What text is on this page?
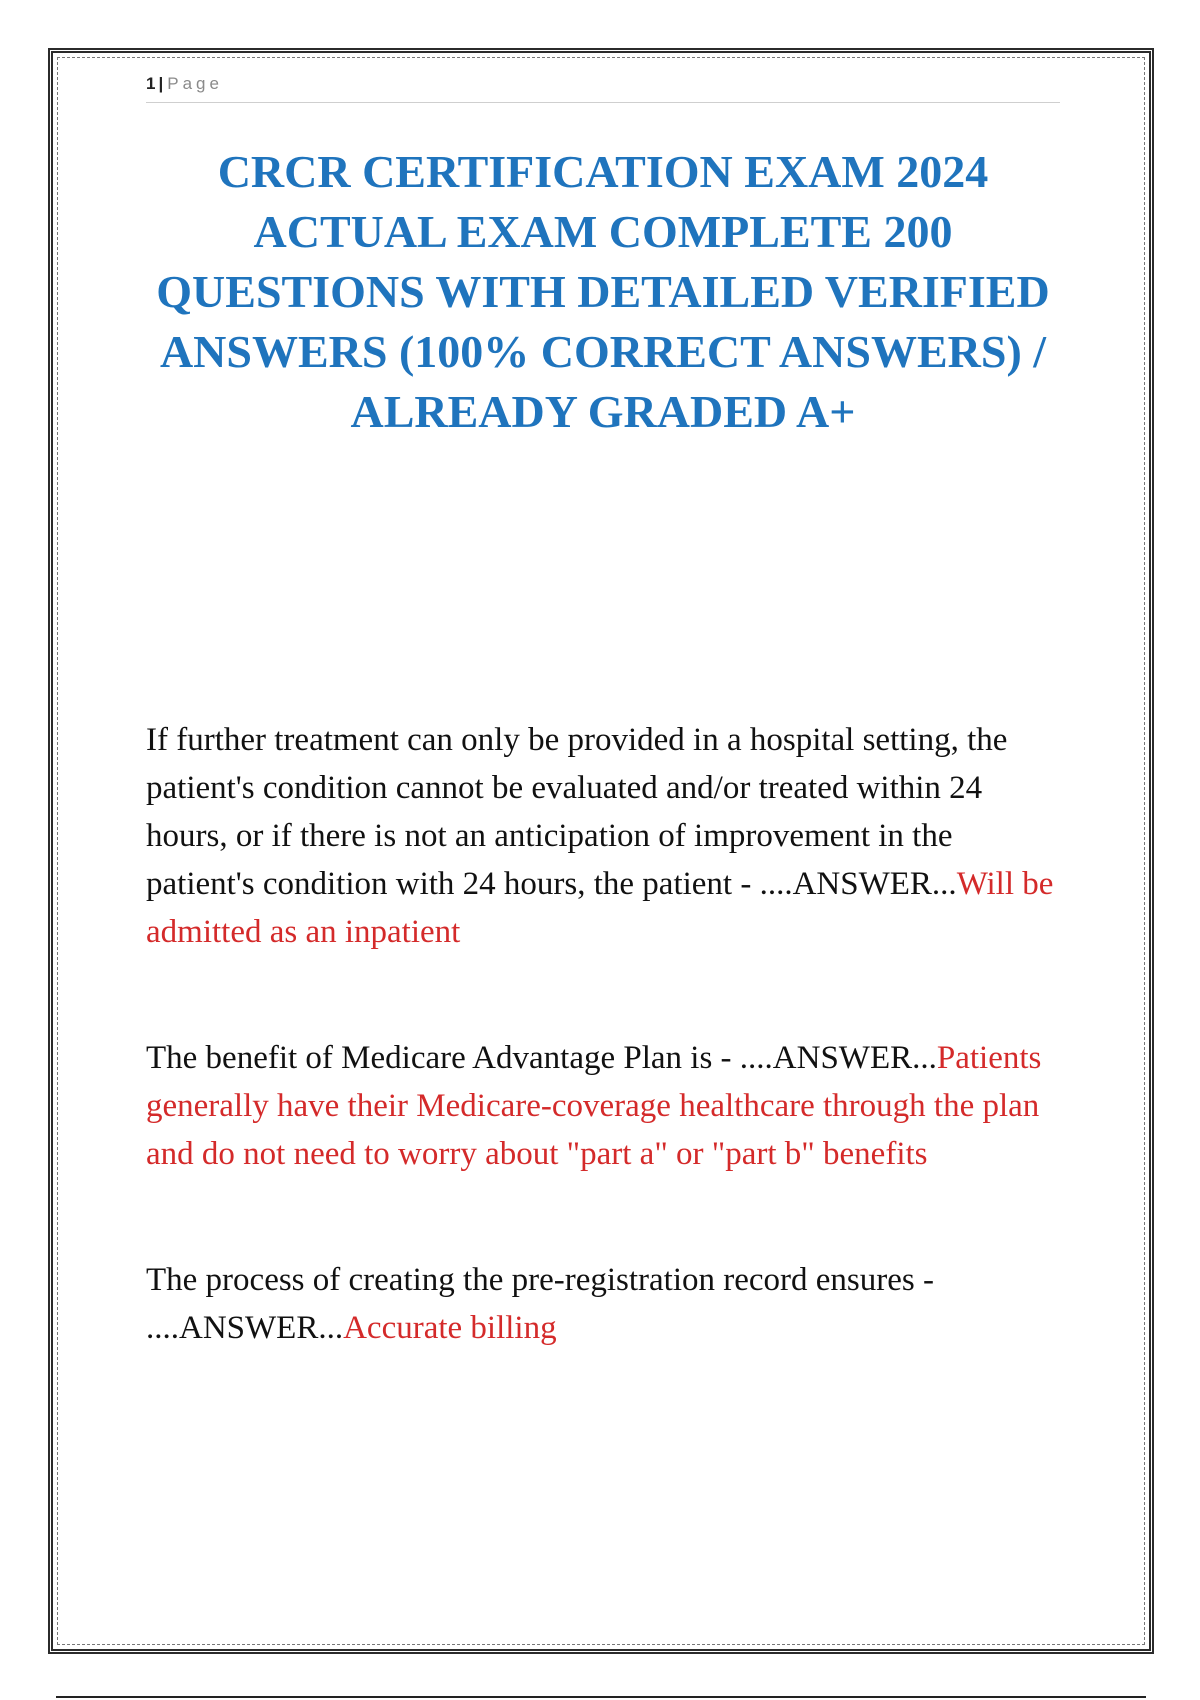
1 | Page
CRCR CERTIFICATION EXAM 2024 ACTUAL EXAM COMPLETE 200 QUESTIONS WITH DETAILED VERIFIED ANSWERS (100% CORRECT ANSWERS) / ALREADY GRADED A+

If further treatment can only be provided in a hospital setting, the patient's condition cannot be evaluated and/or treated within 24 hours, or if there is not an anticipation of improvement in the patient's condition with 24 hours, the patient - ....ANSWER...Will be admitted as an inpatient

The benefit of Medicare Advantage Plan is - ....ANSWER...Patients generally have their Medicare-coverage healthcare through the plan and do not need to worry about "part a" or "part b" benefits

The process of creating the pre-registration record ensures - ....ANSWER...Accurate billing
